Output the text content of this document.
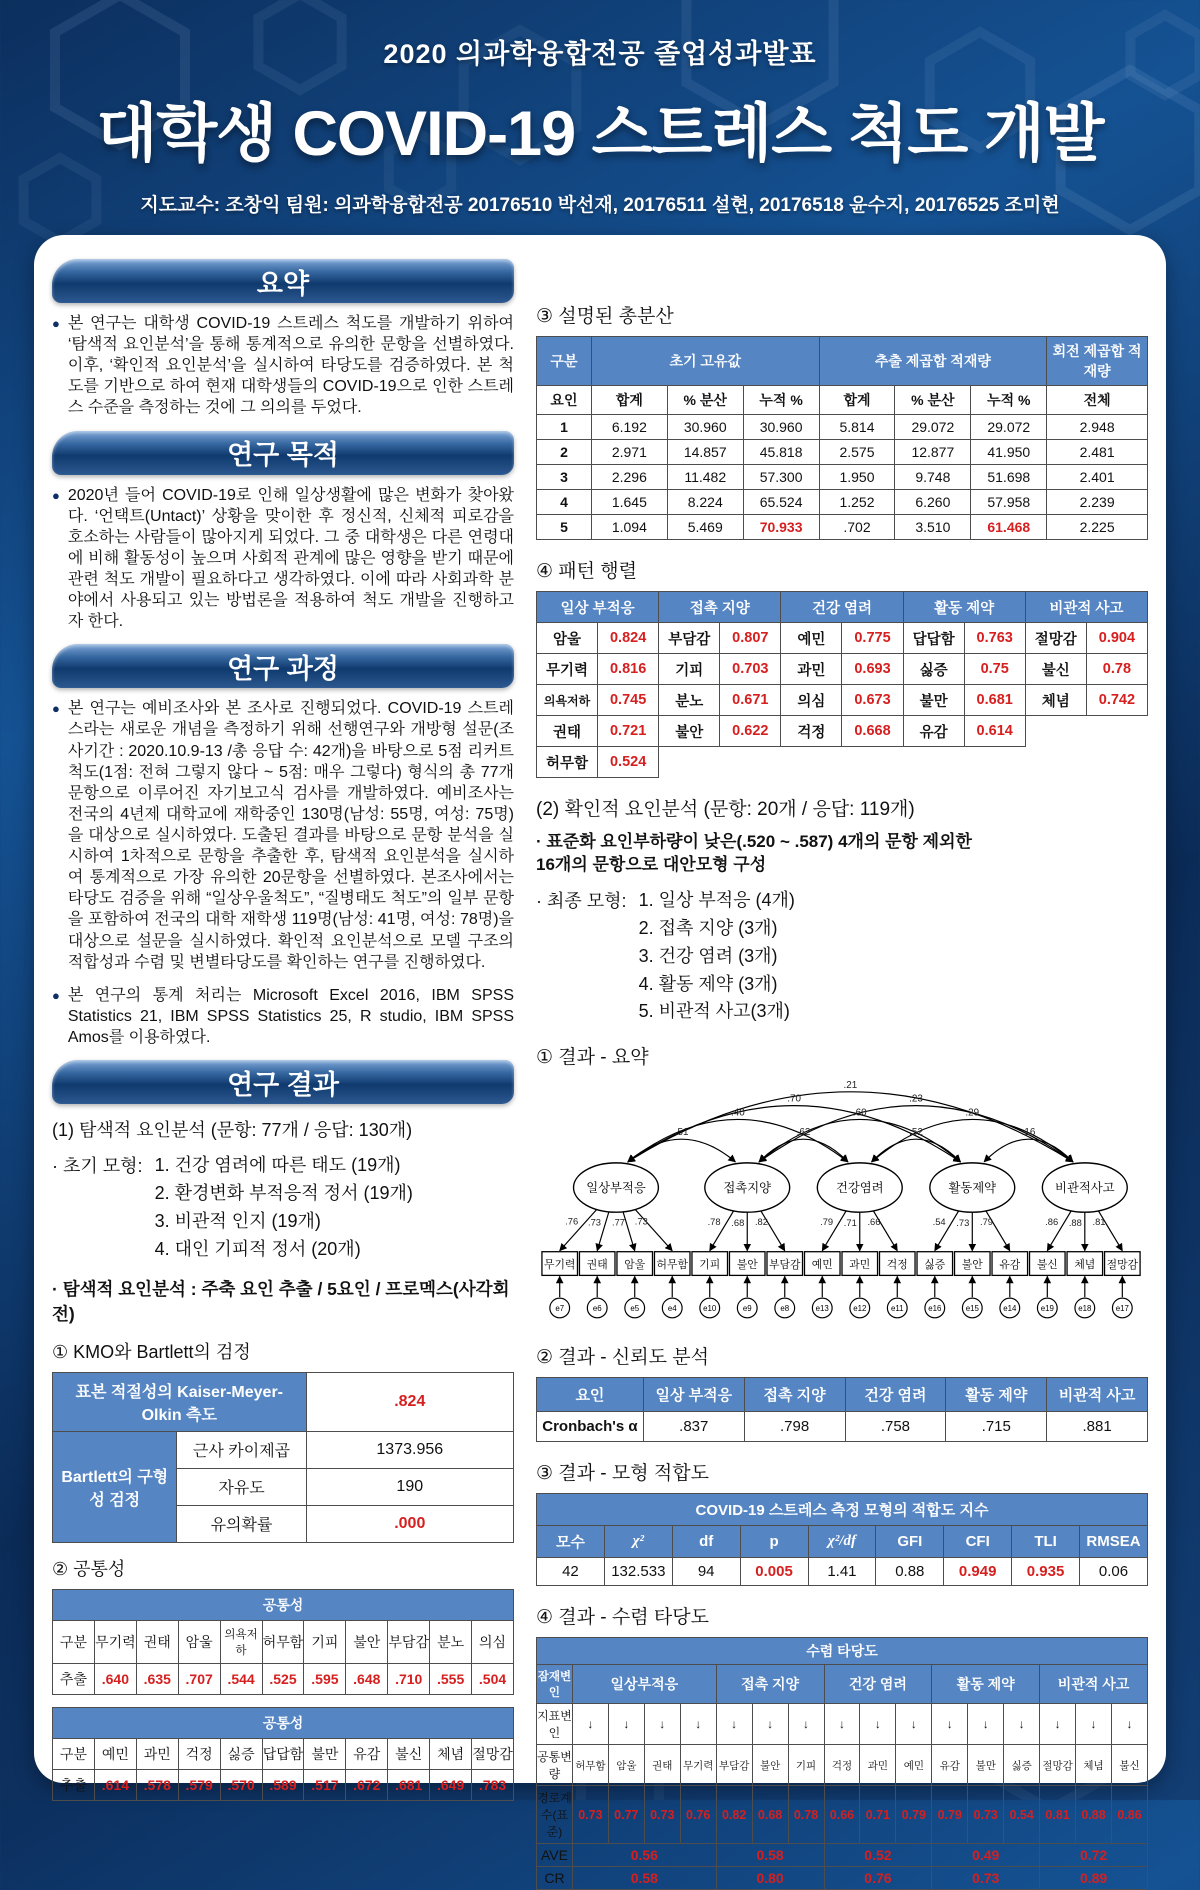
2020 의과학융합전공 졸업성과발표
대학생 COVID-19 스트레스 척도 개발
지도교수: 조창익 팀원: 의과학융합전공 20176510 박선재, 20176511 설현, 20176518 윤수지, 20176525 조미현
요약
● 본 연구는 대학생 COVID-19 스트레스 척도를 개발하기 위하여 ‘탐색적 요인분석’을 통해 통계적으로 유의한 문항을 선별하였다. 이후, ‘확인적 요인분석’을 실시하여 타당도를 검증하였다. 본 척도를 기반으로 하여 현재 대학생들의 COVID-19으로 인한 스트레스 수준을 측정하는 것에 그 의의를 두었다.
연구 목적
● 2020년 들어 COVID-19로 인해 일상생활에 많은 변화가 찾아왔다. ‘언택트(Untact)’ 상황을 맞이한 후 정신적, 신체적 피로감을 호소하는 사람들이 많아지게 되었다. 그 중 대학생은 다른 연령대에 비해 활동성이 높으며 사회적 관계에 많은 영향을 받기 때문에 관련 척도 개발이 필요하다고 생각하였다. 이에 따라 사회과학 분야에서 사용되고 있는 방법론을 적용하여 척도 개발을 진행하고자 한다.
연구 과정
● 본 연구는 예비조사와 본 조사로 진행되었다. COVID-19 스트레스라는 새로운 개념을 측정하기 위해 선행연구와 개방형 설문(조사기간 : 2020.10.9-13 /총 응답 수: 42개)을 바탕으로 5점 리커트 척도(1점: 전혀 그렇지 않다 ~ 5점: 매우 그렇다) 형식의 총 77개 문항으로 이루어진 자기보고식 검사를 개발하였다. 예비조사는 전국의 4년제 대학교에 재학중인 130명(남성: 55명, 여성: 75명)을 대상으로 실시하였다. 도출된 결과를 바탕으로 문항 분석을 실시하여 1차적으로 문항을 추출한 후, 탐색적 요인분석을 실시하여 통계적으로 가장 유의한 20문항을 선별하였다. 본조사에서는 타당도 검증을 위해 “일상우울척도”, “질병태도 척도”의 일부 문항을 포함하여 전국의 대학 재학생 119명(남성: 41명, 여성: 78명)을 대상으로 설문을 실시하였다. 확인적 요인분석으로 모델 구조의 적합성과 수렴 및 변별타당도를 확인하는 연구를 진행하였다.
● 본 연구의 통계 처리는 Microsoft Excel 2016, IBM SPSS Statistics 21, IBM SPSS Statistics 25, R studio, IBM SPSS Amos를 이용하였다.
연구 결과
(1) 탐색적 요인분석 (문항: 77개 / 응답: 130개)
· 초기 모형: 1. 건강 염려에 따른 태도 (19개)
2. 환경변화 부적응적 정서 (19개)
3. 비관적 인지 (19개)
4. 대인 기피적 정서 (20개)
· 탐색적 요인분석 : 주축 요인 추출 / 5요인 / 프로멕스(사각회전)
① KMO와 Bartlett의 검정
표본 적절성의 Kaiser-Meyer-Olkin 측도		.824
Bartlett의 구형성 검정	근사 카이제곱	1373.956
	자유도	190
	유의확률	.000
② 공통성
공통성										
구분	무기력	권태	암울	의욕저하	허무함	기피	불안	부담감	분노	의심
추출	.640	.635	.707	.544	.525	.595	.648	.710	.555	.504
공통성										
구분	예민	과민	걱정	싫증	답답함	불만	유감	불신	체념	절망감
추출	.614	.578	.579	.570	.589	.517	.672	.681	.649	.783
③ 설명된 총분산
구분	초기 고유값			추출 제곱합 적재량			회전 제곱합 적재량
요인	합계	% 분산	누적 %	합계	% 분산	누적 %	전체
1	6.192	30.960	30.960	5.814	29.072	29.072	2.948
2	2.971	14.857	45.818	2.575	12.877	41.950	2.481
3	2.296	11.482	57.300	1.950	9.748	51.698	2.401
4	1.645	8.224	65.524	1.252	6.260	57.958	2.239
5	1.094	5.469	70.933	.702	3.510	61.468	2.225
④ 패턴 행렬
일상 부적응		접촉 지양		건강 염려		활동 제약		비관적 사고	
암울	0.824	부담감	0.807	예민	0.775	답답함	0.763	절망감	0.904
무기력	0.816	기피	0.703	과민	0.693	싫증	0.75	불신	0.78
의욕저하	0.745	분노	0.671	의심	0.673	불만	0.681	체념	0.742
권태	0.721	불안	0.622	걱정	0.668	유감	0.614		
허무함	0.524								
(2) 확인적 요인분석 (문항: 20개 / 응답: 119개)
· 표준화 요인부하량이 낮은(.520 ~ .587) 4개의 문항 제외한
16개의 문항으로 대안모형 구성
· 최종 모형: 1. 일상 부적응 (4개)
2. 접촉 지양 (3개)
3. 건강 염려 (3개)
4. 활동 제약 (3개)
5. 비관적 사고(3개)
① 결과 - 요약
.21
.70	.23
.40	.60	.29
.51	.62	.52	.16
.76
무기력
e7
.73
권태
e6
.77
암울
e5
.73
허무함
e4
일상부적응
.78
기피
e10
.68
불안
e9
.82
부담감
e8
접촉지양
.79
예민
e13
.71
과민
e12
.66
걱정
e11
건강염려
.54
싫증
e16
.73
불안
e15
.79
유감
e14
활동제약
.86
불신
e19
.88
체념
e18
.81
절망감
e17
비관적사고
② 결과 - 신뢰도 분석
요인	일상 부적응	접촉 지양	건강 염려	활동 제약	비관적 사고
Cronbach's α	.837	.798	.758	.715	.881
③ 결과 - 모형 적합도
COVID-19 스트레스 측정 모형의 적합도 지수								
모수	χ²	df	p	χ²/df	GFI	CFI	TLI	RMSEA
42	132.533	94	0.005	1.41	0.88	0.949	0.935	0.06
④ 결과 - 수렴 타당도
수렴 타당도																
잠재변인	일상부적응				접촉 지양			건강 염려			활동 제약			비관적 사고		
지표변인	↓	↓	↓	↓	↓	↓	↓	↓	↓	↓	↓	↓	↓	↓	↓	↓
공통변량	허무함	암울	권태	무기력	부담감	불안	기피	걱정	과민	예민	유감	불만	싫증	절망감	체념	불신
경로계수(표준)	0.73	0.77	0.73	0.76	0.82	0.68	0.78	0.66	0.71	0.79	0.79	0.73	0.54	0.81	0.88	0.86
AVE	0.56				0.58			0.52			0.49			0.72		
CR	0.58				0.80			0.76			0.73			0.89		
